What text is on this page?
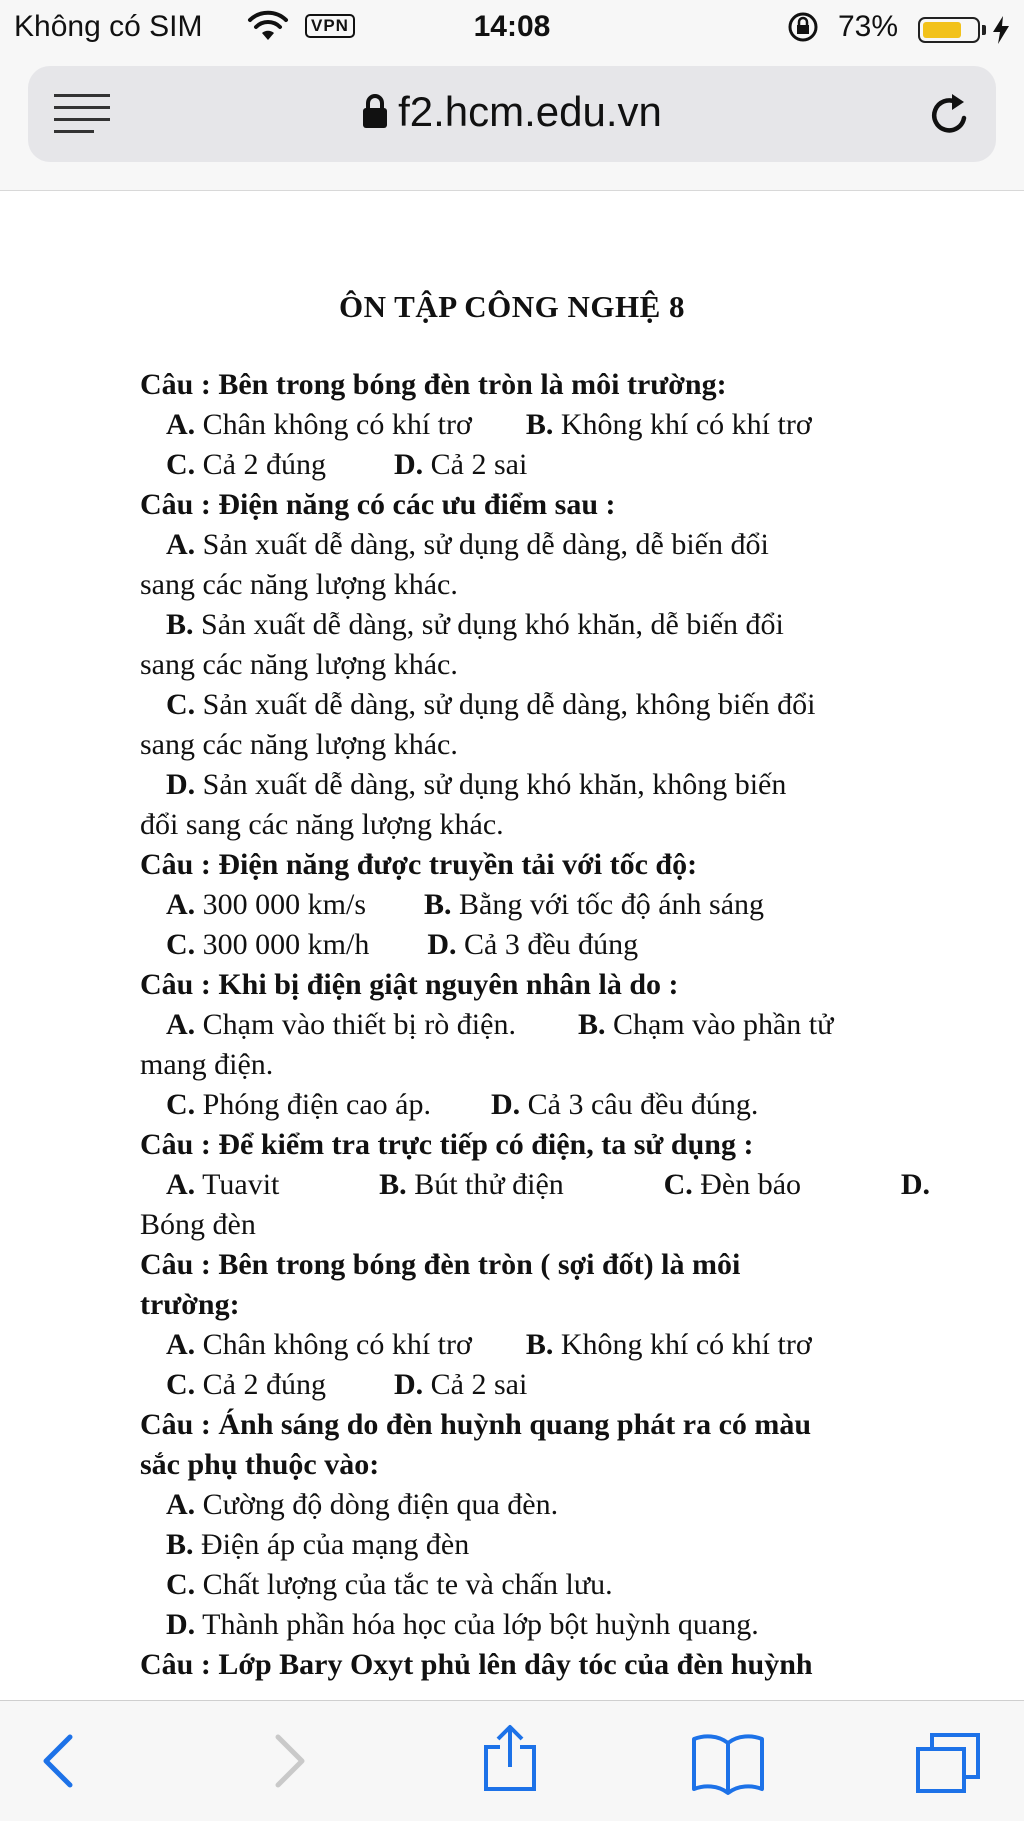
Không có SIM	VPN	14:08	73%
f2.hcm.edu.vn
ÔN TẬP CÔNG NGHỆ 8
Câu : Bên trong bóng đèn tròn là môi trường:
A. Chân không có khí trơ B. Không khí có khí trơ
C. Cả 2 đúng D. Cả 2 sai
Câu : Điện năng có các ưu điểm sau :
A. Sản xuất dễ dàng, sử dụng dễ dàng, dễ biến đổi
sang các năng lượng khác.
B. Sản xuất dễ dàng, sử dụng khó khăn, dễ biến đổi
sang các năng lượng khác.
C. Sản xuất dễ dàng, sử dụng dễ dàng, không biến đổi
sang các năng lượng khác.
D. Sản xuất dễ dàng, sử dụng khó khăn, không biến
đổi sang các năng lượng khác.
Câu : Điện năng được truyền tải với tốc độ:
A. 300 000 km/s B. Bằng với tốc độ ánh sáng
C. 300 000 km/h D. Cả 3 đều đúng
Câu : Khi bị điện giật nguyên nhân là do :
A. Chạm vào thiết bị rò điện. B. Chạm vào phần tử
mang điện.
C. Phóng điện cao áp. D. Cả 3 câu đều đúng.
Câu : Để kiểm tra trực tiếp có điện, ta sử dụng :
A. Tuavit	B. Bút thử điện	C. Đèn báo	D.
Bóng đèn
Câu : Bên trong bóng đèn tròn ( sợi đốt) là môi
trường:
A. Chân không có khí trơ B. Không khí có khí trơ
C. Cả 2 đúng D. Cả 2 sai
Câu : Ánh sáng do đèn huỳnh quang phát ra có màu
sắc phụ thuộc vào:
A. Cường độ dòng điện qua đèn.
B. Điện áp của mạng đèn
C. Chất lượng của tắc te và chấn lưu.
D. Thành phần hóa học của lớp bột huỳnh quang.
Câu : Lớp Bary Oxyt phủ lên dây tóc của đèn huỳnh
